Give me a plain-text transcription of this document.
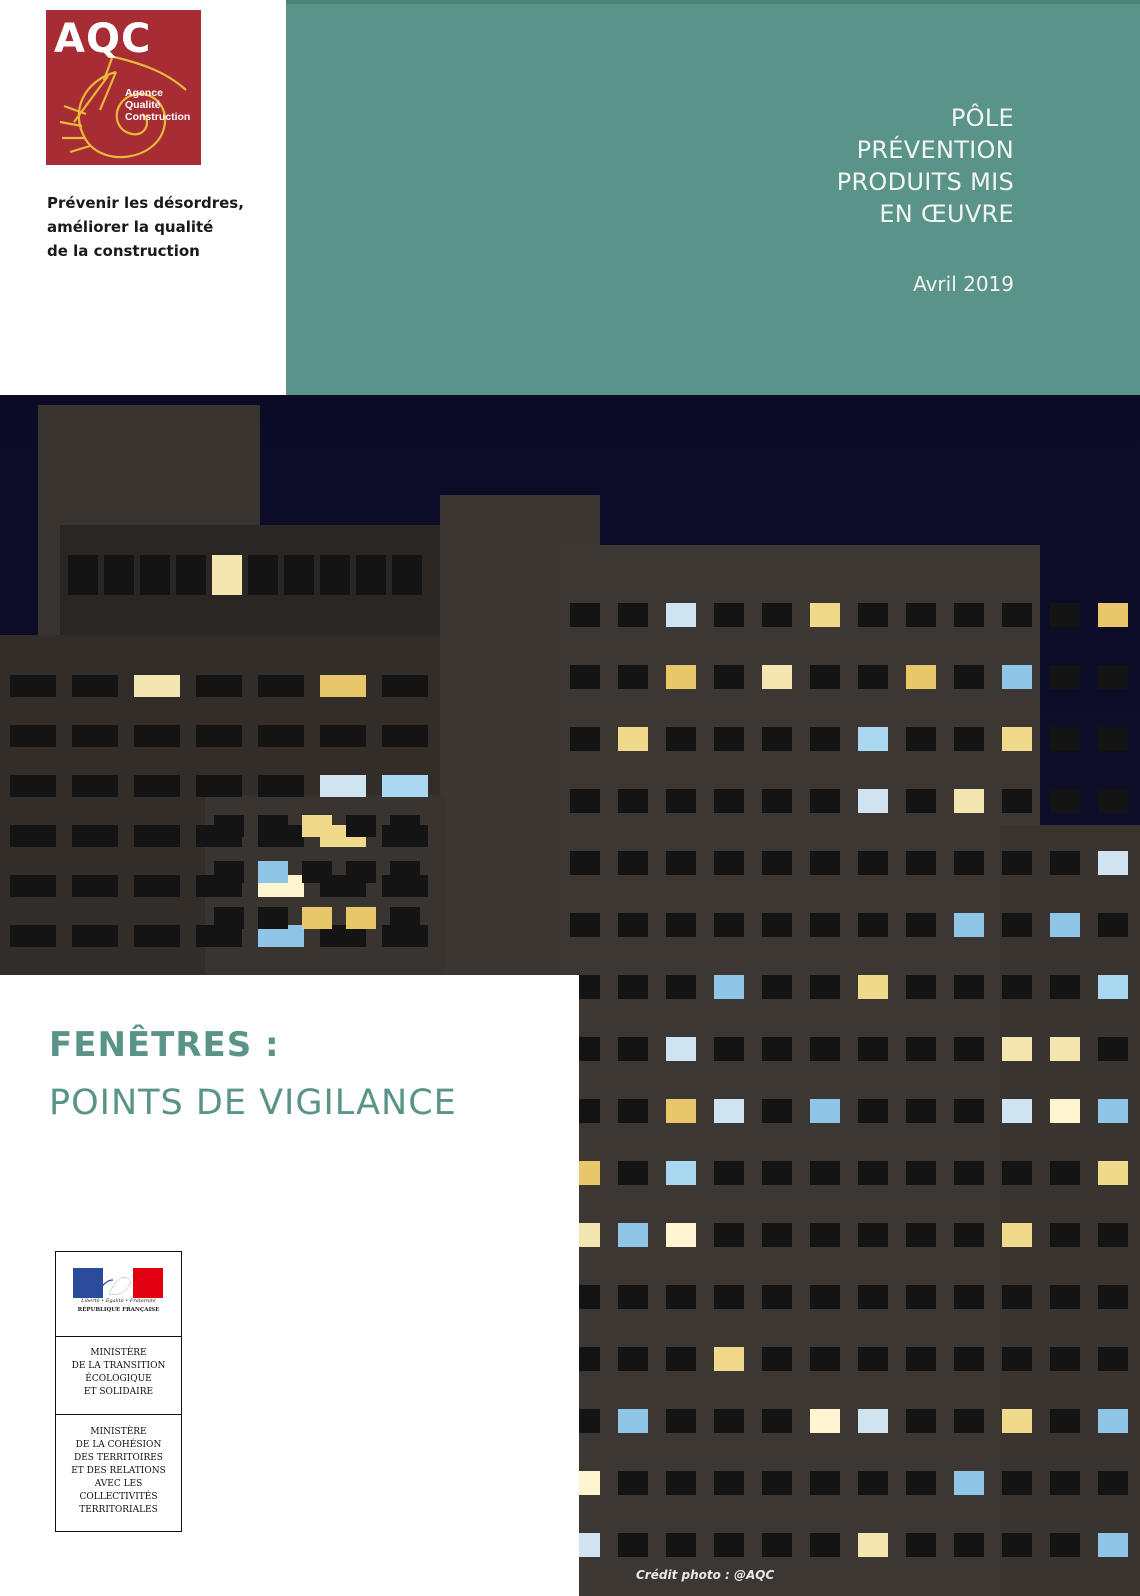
AQC
Agence
Qualité
Construction
Prévenir les désordres,
améliorer la qualité
de la construction
PÔLE
PRÉVENTION
PRODUITS MIS
EN ŒUVRE
Avril 2019
Crédit photo : @AQC
FENÊTRES :
POINTS DE VIGILANCE
Liberté • Égalité • Fraternité
RÉPUBLIQUE FRANÇAISE
MINISTÈRE
DE LA TRANSITION
ÉCOLOGIQUE
ET SOLIDAIRE
MINISTÈRE
DE LA COHÉSION
DES TERRITOIRES
ET DES RELATIONS
AVEC LES
COLLECTIVITÉS
TERRITORIALES
